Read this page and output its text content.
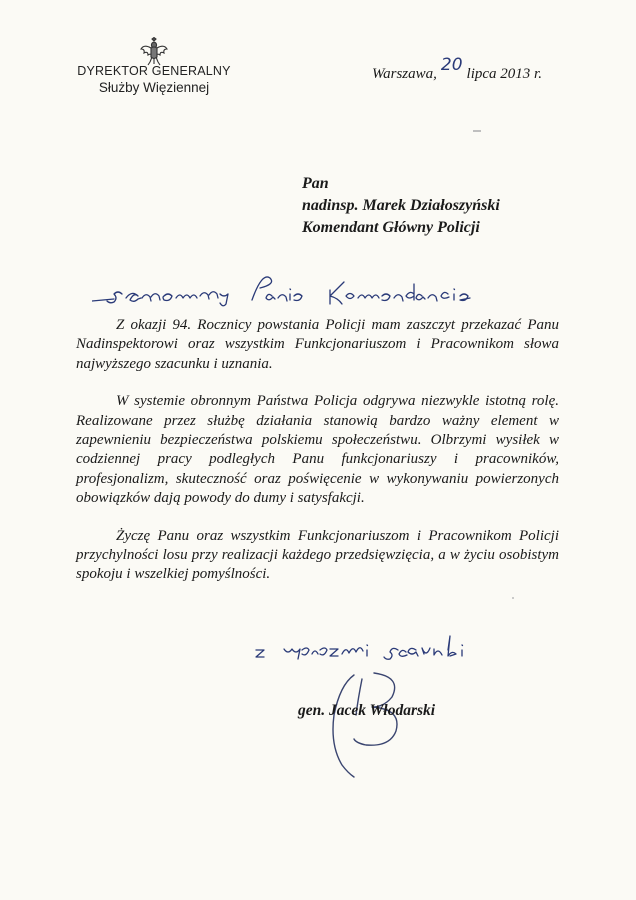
DYREKTOR GENERALNY
Służby Więziennej
Warszawa, 20 lipca 2013 r.
Pan
nadinsp. Marek Działoszyński
Komendant Główny Policji

Z okazji 94. Rocznicy powstania Policji mam zaszczyt przekazać Panu Nadinspektorowi oraz wszystkim Funkcjonariuszom i Pracownikom słowa najwyższego szacunku i uznania.

W systemie obronnym Państwa Policja odgrywa niezwykle istotną rolę. Realizowane przez służbę działania stanowią bardzo ważny element w zapewnieniu bezpieczeństwa polskiemu społeczeństwu. Olbrzymi wysiłek w codziennej pracy podległych Panu funkcjonariuszy i pracowników, profesjonalizm, skuteczność oraz poświęcenie w wykonywaniu powierzonych obowiązków dają powody do dumy i satysfakcji.

Życzę Panu oraz wszystkim Funkcjonariuszom i Pracownikom Policji przychylności losu przy realizacji każdego przedsięwzięcia, a w życiu osobistym spokoju i wszelkiej pomyślności.

gen. Jacek Włodarski
